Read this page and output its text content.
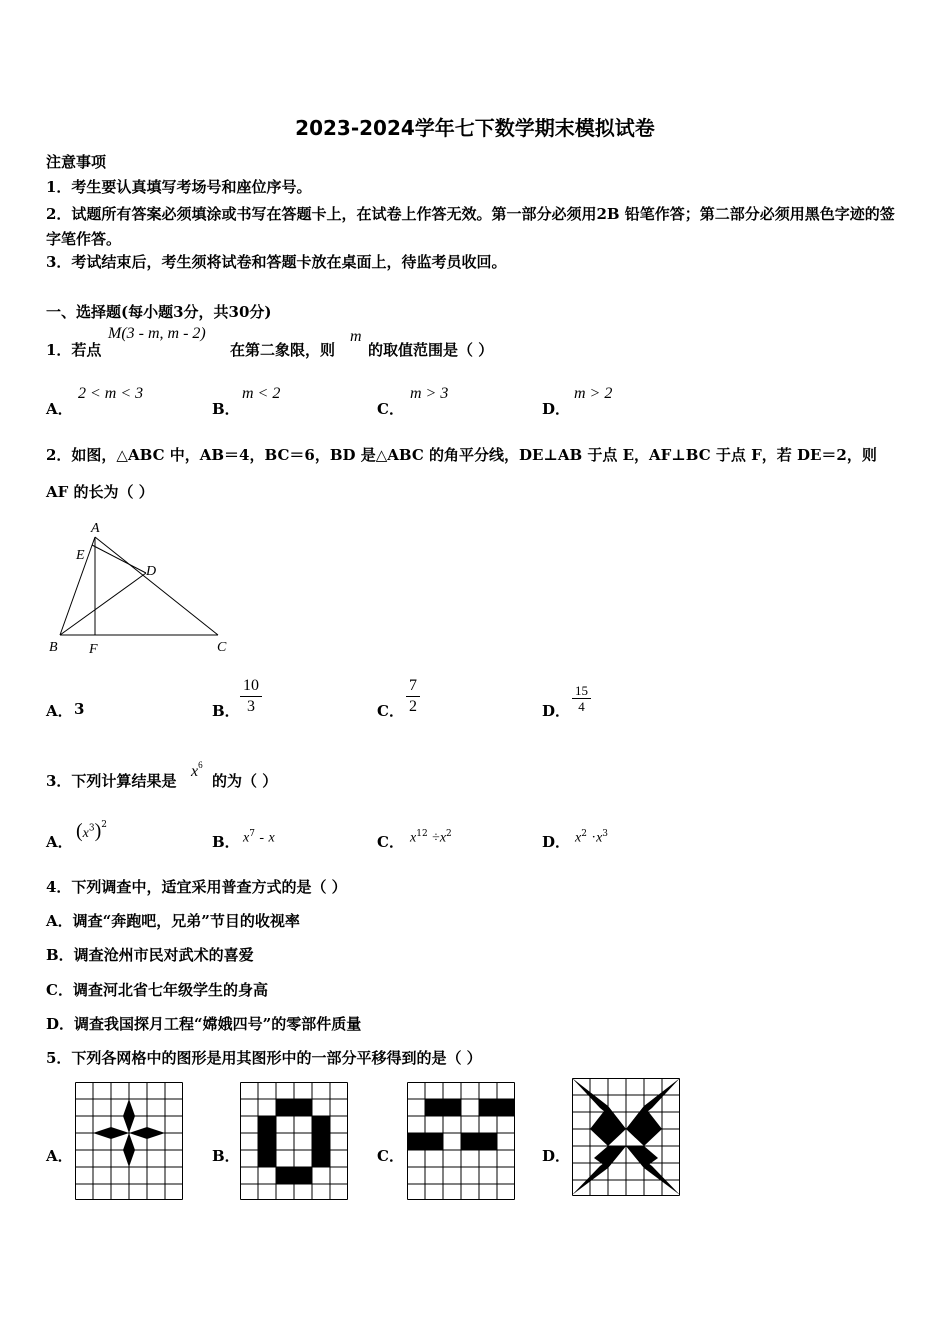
2023-2024学年七下数学期末模拟试卷
注意事项
1．考生要认真填写考场号和座位序号。
2．试题所有答案必须填涂或书写在答题卡上，在试卷上作答无效。第一部分必须用2B 铅笔作答；第二部分必须用黑色字迹的签字笔作答。
3．考试结束后，考生须将试卷和答题卡放在桌面上，待监考员收回。
一、选择题(每小题3分，共30分)
1．若点
M(3 - m, m - 2)
在第二象限，则
m
的取值范围是（ ）
A．
2 < m < 3
B．
m < 2
C．
m > 3
D．
m > 2
2．如图，△ABC 中，AB＝4，BC＝6，BD 是△ABC 的角平分线，DE⊥AB 于点 E，AF⊥BC 于点 F，若 DE＝2，则
AF 的长为（ ）
A
E
D
B F	C
A． 3	B． $\frac{10}{3}$	C． $\frac{7}{2}$	D． $\frac{15}{4}$
3．下列计算结果是
$x^6$
的为（ ）
A． $(x^3)^2$
B． $x^7$ - x	C． $x^{12} \div x^2$	D． $x^2 \cdot x^3$
4．下列调查中，适宜采用普查方式的是（ ）
A．调查“奔跑吧，兄弟”节目的收视率
B．调查沧州市民对武术的喜爱
C．调查河北省七年级学生的身高
D．调查我国探月工程“嫦娥四号”的零部件质量
5．下列各网格中的图形是用其图形中的一部分平移得到的是（ ）
A．	B．	C．	D．
